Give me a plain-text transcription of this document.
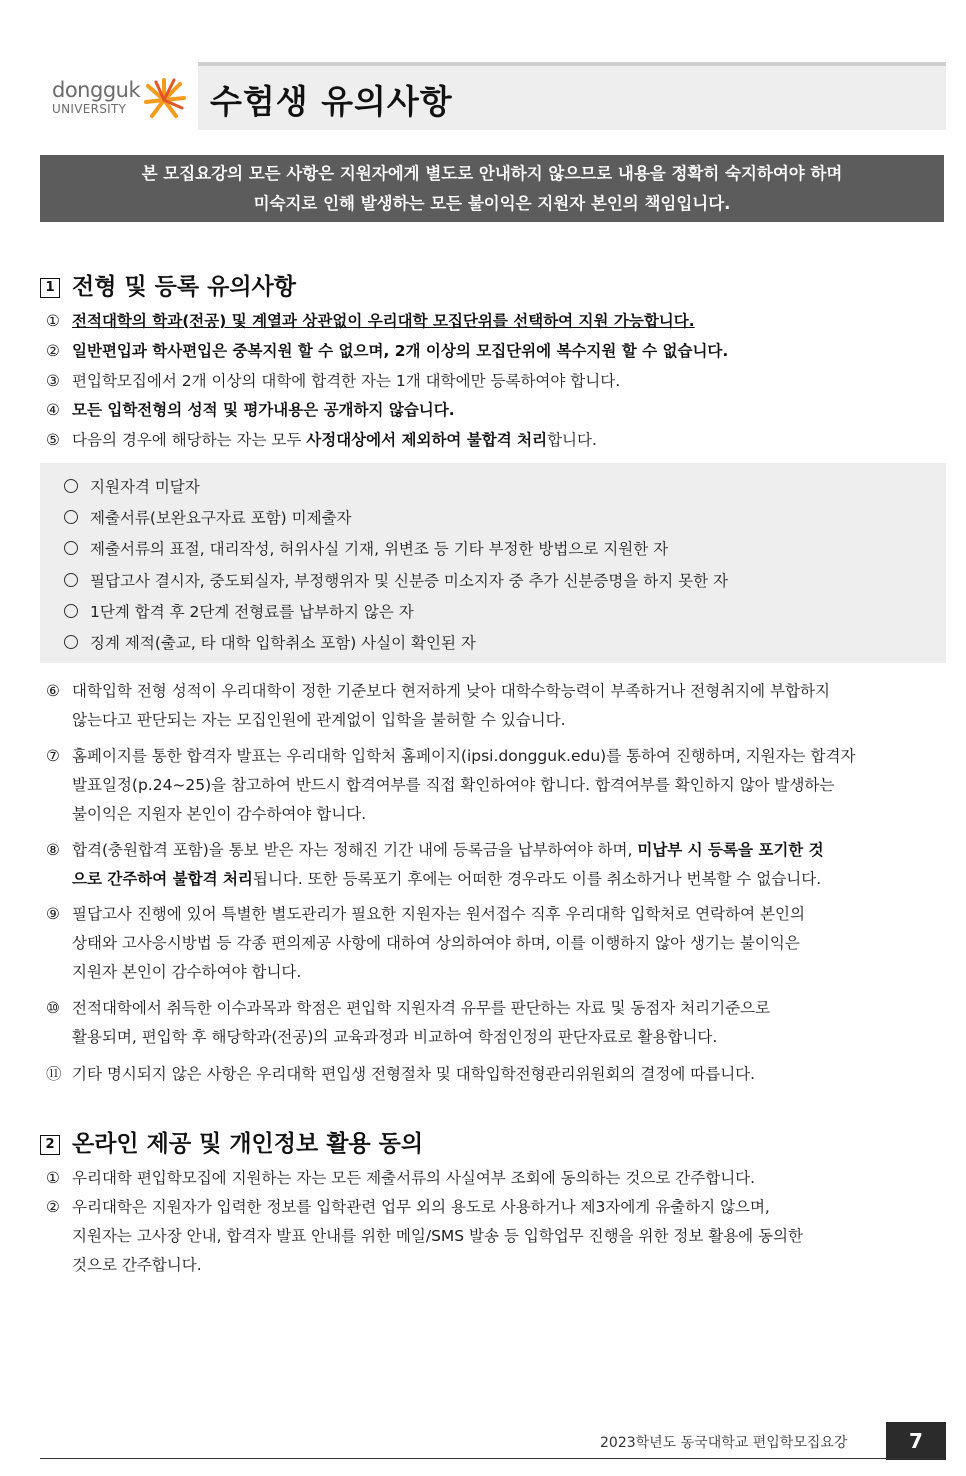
dongguk
UNIVERSITY	수험생 유의사항
본 모집요강의 모든 사항은 지원자에게 별도로 안내하지 않으므로 내용을 정확히 숙지하여야 하며
미숙지로 인해 발생하는 모든 불이익은 지원자 본인의 책임입니다.
1 전형 및 등록 유의사항
① 전적대학의 학과(전공) 및 계열과 상관없이 우리대학 모집단위를 선택하여 지원 가능합니다.
② 일반편입과 학사편입은 중복지원 할 수 없으며, 2개 이상의 모집단위에 복수지원 할 수 없습니다.
③ 편입학모집에서 2개 이상의 대학에 합격한 자는 1개 대학에만 등록하여야 합니다.
④ 모든 입학전형의 성적 및 평가내용은 공개하지 않습니다.
⑤ 다음의 경우에 해당하는 자는 모두 사정대상에서 제외하여 불합격 처리합니다.
지원자격 미달자
제출서류(보완요구자료 포함) 미제출자
제출서류의 표절, 대리작성, 허위사실 기재, 위변조 등 기타 부정한 방법으로 지원한 자
필답고사 결시자, 중도퇴실자, 부정행위자 및 신분증 미소지자 중 추가 신분증명을 하지 못한 자
1단계 합격 후 2단계 전형료를 납부하지 않은 자
징계 제적(출교, 타 대학 입학취소 포함) 사실이 확인된 자
⑥ 대학입학 전형 성적이 우리대학이 정한 기준보다 현저하게 낮아 대학수학능력이 부족하거나 전형취지에 부합하지
않는다고 판단되는 자는 모집인원에 관계없이 입학을 불허할 수 있습니다.
⑦ 홈페이지를 통한 합격자 발표는 우리대학 입학처 홈페이지(ipsi.dongguk.edu)를 통하여 진행하며, 지원자는 합격자
발표일정(p.24~25)을 참고하여 반드시 합격여부를 직접 확인하여야 합니다. 합격여부를 확인하지 않아 발생하는
불이익은 지원자 본인이 감수하여야 합니다.
⑧ 합격(충원합격 포함)을 통보 받은 자는 정해진 기간 내에 등록금을 납부하여야 하며, 미납부 시 등록을 포기한 것
으로 간주하여 불합격 처리됩니다. 또한 등록포기 후에는 어떠한 경우라도 이를 취소하거나 번복할 수 없습니다.
⑨ 필답고사 진행에 있어 특별한 별도관리가 필요한 지원자는 원서접수 직후 우리대학 입학처로 연락하여 본인의
상태와 고사응시방법 등 각종 편의제공 사항에 대하여 상의하여야 하며, 이를 이행하지 않아 생기는 불이익은
지원자 본인이 감수하여야 합니다.
⑩ 전적대학에서 취득한 이수과목과 학점은 편입학 지원자격 유무를 판단하는 자료 및 동점자 처리기준으로
활용되며, 편입학 후 해당학과(전공)의 교육과정과 비교하여 학점인정의 판단자료로 활용합니다.
⑪ 기타 명시되지 않은 사항은 우리대학 편입생 전형절차 및 대학입학전형관리위원회의 결정에 따릅니다.
2 온라인 제공 및 개인정보 활용 동의
① 우리대학 편입학모집에 지원하는 자는 모든 제출서류의 사실여부 조회에 동의하는 것으로 간주합니다.
② 우리대학은 지원자가 입력한 정보를 입학관련 업무 외의 용도로 사용하거나 제3자에게 유출하지 않으며,
지원자는 고사장 안내, 합격자 발표 안내를 위한 메일/SMS 발송 등 입학업무 진행을 위한 정보 활용에 동의한
것으로 간주합니다.
2023학년도 동국대학교 편입학모집요강	7
